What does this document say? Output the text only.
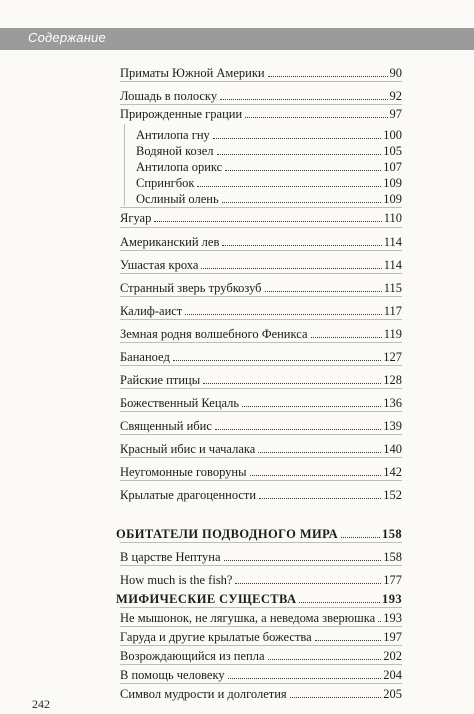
Содержание
Приматы Южной Америки	90
Лошадь в полоску	92
Прирожденные грации	97
Антилопа гну	100
Водяной козел	105
Антилопа орикс	107
Спрингбок	109
Ослиный олень	109
Ягуар	110
Американский лев	114
Ушастая кроха	114
Странный зверь трубкозуб	115
Калиф-аист	117
Земная родня волшебного Феникса	119
Бананоед	127
Райские птицы	128
Божественный Кецаль	136
Священный ибис	139
Красный ибис и чачалака	140
Неугомонные говоруны	142
Крылатые драгоценности	152
ОБИТАТЕЛИ ПОДВОДНОГО МИРА	158
В царстве Нептуна	158
How much is the fish?	177
МИФИЧЕСКИЕ СУЩЕСТВА	193
Не мышонок, не лягушка, а неведома зверюшка 193
Гаруда и другие крылатые божества	197
Возрождающийся из пепла	202
В помощь человеку	204
Символ мудрости и долголетия	205
242
